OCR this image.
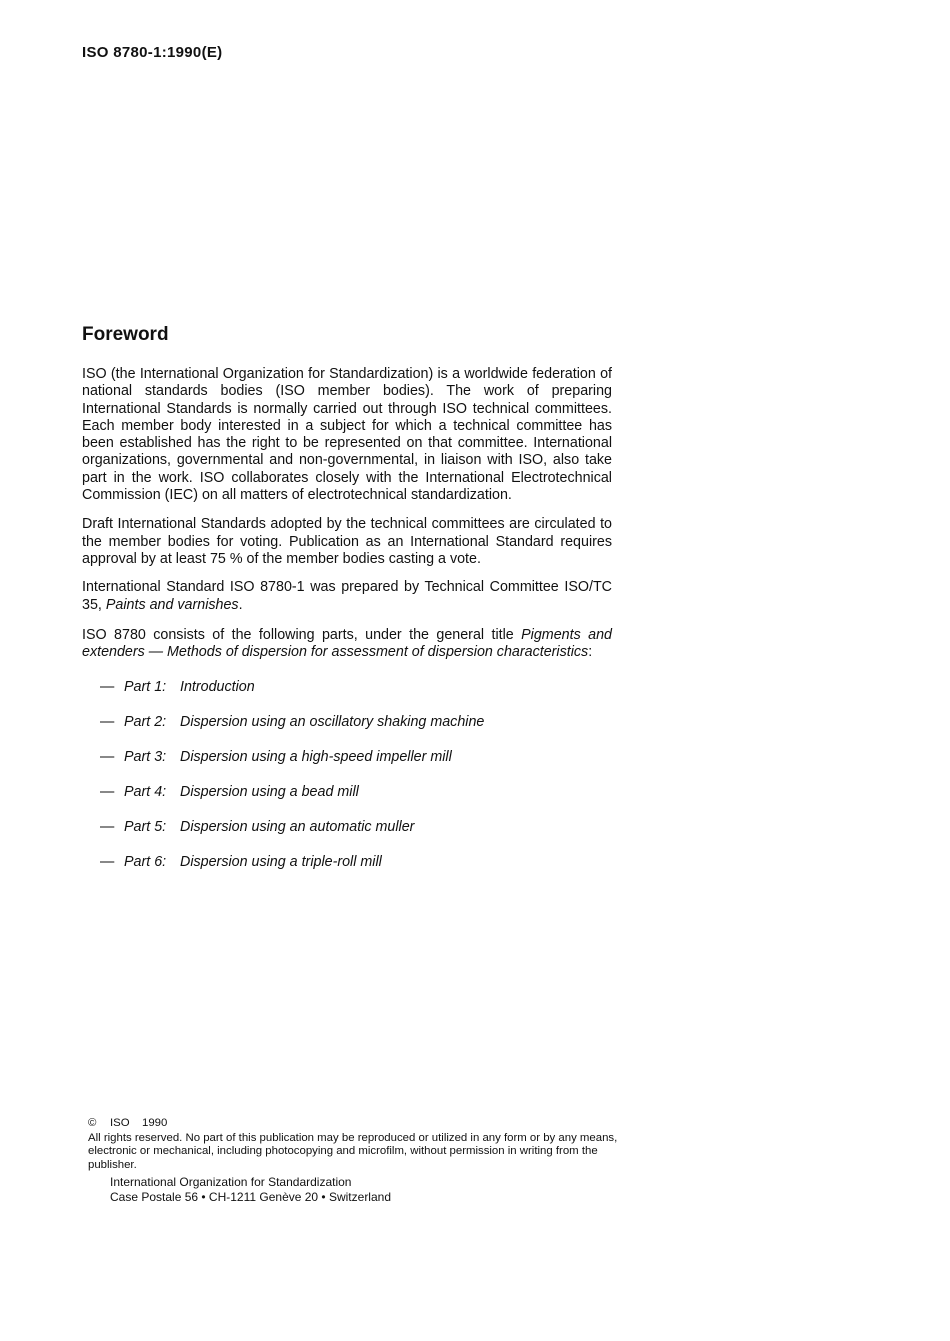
ISO 8780-1:1990(E)
Foreword

ISO (the International Organization for Standardization) is a worldwide federation of national standards bodies (ISO member bodies). The work of preparing International Standards is normally carried out through ISO technical committees. Each member body interested in a subject for which a technical committee has been established has the right to be represented on that committee. International organizations, governmental and non-governmental, in liaison with ISO, also take part in the work. ISO collaborates closely with the International Electrotechnical Commission (IEC) on all matters of electrotechnical standardization.

Draft International Standards adopted by the technical committees are circulated to the member bodies for voting. Publication as an International Standard requires approval by at least 75 % of the member bodies casting a vote.

International Standard ISO 8780-1 was prepared by Technical Committee ISO/TC 35, Paints and varnishes.

ISO 8780 consists of the following parts, under the general title Pigments and extenders — Methods of dispersion for assessment of dispersion characteristics:

— Part 1: Introduction
— Part 2: Dispersion using an oscillatory shaking machine
— Part 3: Dispersion using a high-speed impeller mill
— Part 4: Dispersion using a bead mill
— Part 5: Dispersion using an automatic muller
— Part 6: Dispersion using a triple-roll mill
©	ISO	1990
All rights reserved. No part of this publication may be reproduced or utilized in any form or by any means, electronic or mechanical, including photocopying and microfilm, without permission in writing from the publisher.
International Organization for Standardization
Case Postale 56 • CH-1211 Genève 20 • Switzerland
